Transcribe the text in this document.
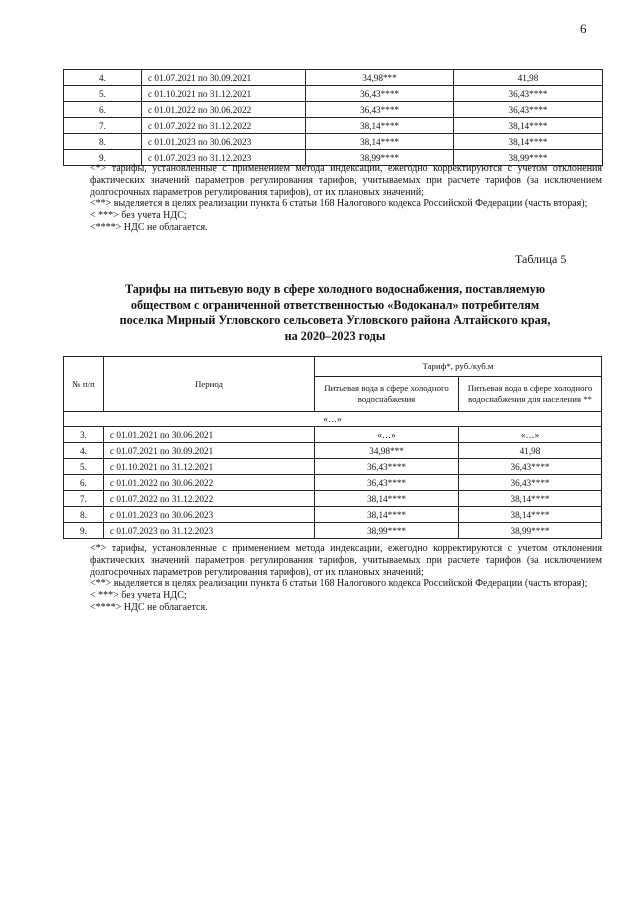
6
4.	с 01.07.2021 по 30.09.2021	34,98***	41,98
5.	с 01.10.2021 по 31.12.2021	36,43****	36,43****
6.	с 01.01.2022 по 30.06.2022	36,43****	36,43****
7.	с 01.07.2022 по 31.12.2022	38,14****	38,14****
8.	с 01.01.2023 по 30.06.2023	38,14****	38,14****
9.	с 01.07.2023 по 31.12.2023	38,99****	38,99****

<*> тарифы, установленные с применением метода индексации, ежегодно корректируются с учетом отклонения фактических значений параметров регулирования тарифов, учитываемых при расчете тарифов (за исключением долгосрочных параметров регулирования тарифов), от их плановых значений;

<**> выделяется в целях реализации пункта 6 статьи 168 Налогового кодекса Российской Федерации (часть вторая);

< ***> без учета НДС;

<****> НДС не облагается.

Таблица 5
Тарифы на питьевую воду в сфере холодного водоснабжения, поставляемую
обществом с ограниченной ответственностью «Водоканал» потребителям
поселка Мирный Угловского сельсовета Угловского района Алтайского края,
на 2020–2023 годы
№ п/п	Период	Тариф*, руб./куб.м	
		Питьевая вода в сфере холодного водоснабжения	Питьевая вода в сфере холодного водоснабжения для населения **
«…»			
3.	с 01.01.2021 по 30.06.2021	«…»	«…»
4.	с 01.07.2021 по 30.09.2021	34,98***	41,98
5.	с 01.10.2021 по 31.12.2021	36,43****	36,43****
6.	с 01.01.2022 по 30.06.2022	36,43****	36,43****
7.	с 01.07.2022 по 31.12.2022	38,14****	38,14****
8.	с 01.01.2023 по 30.06.2023	38,14****	38,14****
9.	с 01.07.2023 по 31.12.2023	38,99****	38,99****

<*> тарифы, установленные с применением метода индексации, ежегодно корректируются с учетом отклонения фактических значений параметров регулирования тарифов, учитываемых при расчете тарифов (за исключением долгосрочных параметров регулирования тарифов), от их плановых значений;

<**> выделяется в целях реализации пункта 6 статьи 168 Налогового кодекса Российской Федерации (часть вторая);

< ***> без учета НДС;

<****> НДС не облагается.
